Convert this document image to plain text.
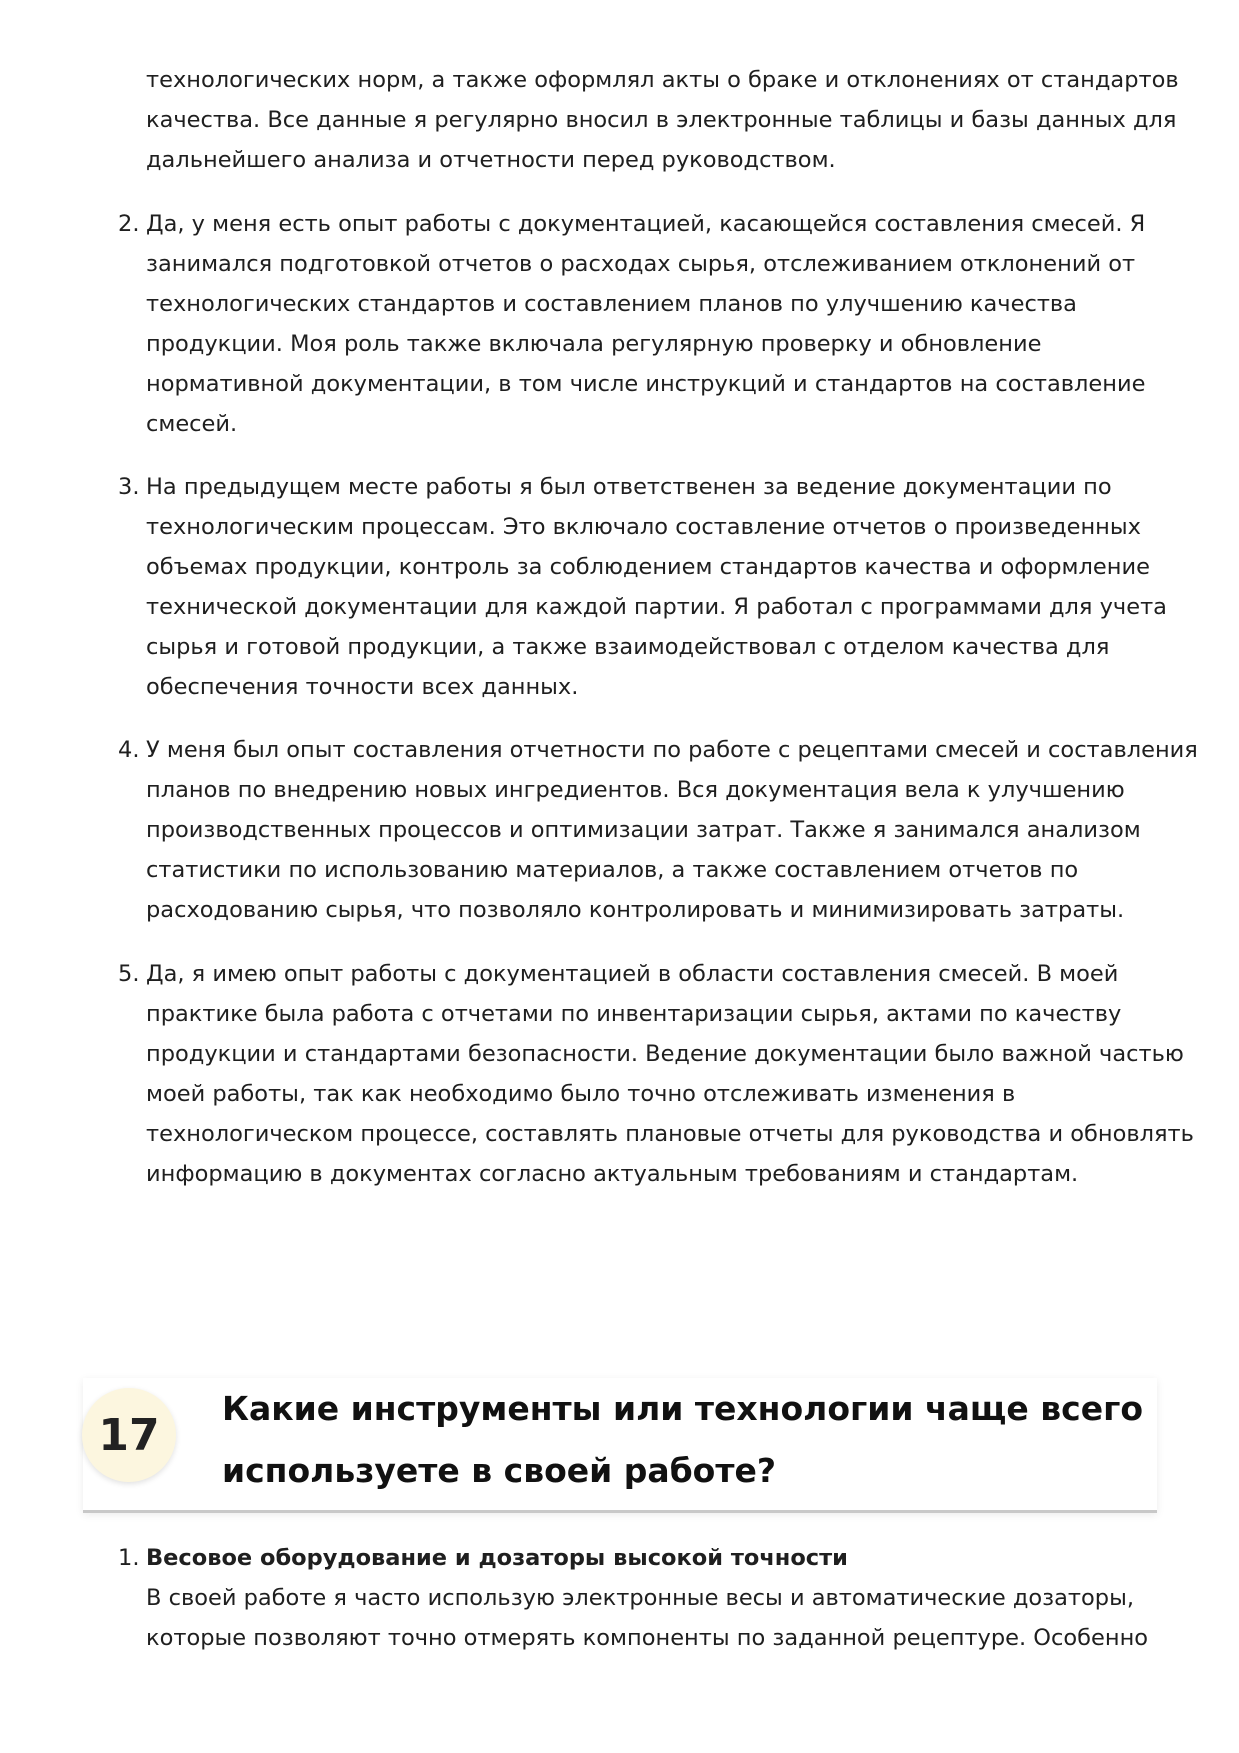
технологических норм, а также оформлял акты о браке и отклонениях от стандартов
качества. Все данные я регулярно вносил в электронные таблицы и базы данных для
дальнейшего анализа и отчетности перед руководством.
2. Да, у меня есть опыт работы с документацией, касающейся составления смесей. Я
занимался подготовкой отчетов о расходах сырья, отслеживанием отклонений от
технологических стандартов и составлением планов по улучшению качества
продукции. Моя роль также включала регулярную проверку и обновление
нормативной документации, в том числе инструкций и стандартов на составление
смесей.
3. На предыдущем месте работы я был ответственен за ведение документации по
технологическим процессам. Это включало составление отчетов о произведенных
объемах продукции, контроль за соблюдением стандартов качества и оформление
технической документации для каждой партии. Я работал с программами для учета
сырья и готовой продукции, а также взаимодействовал с отделом качества для
обеспечения точности всех данных.
4. У меня был опыт составления отчетности по работе с рецептами смесей и составления
планов по внедрению новых ингредиентов. Вся документация вела к улучшению
производственных процессов и оптимизации затрат. Также я занимался анализом
статистики по использованию материалов, а также составлением отчетов по
расходованию сырья, что позволяло контролировать и минимизировать затраты.
5. Да, я имею опыт работы с документацией в области составления смесей. В моей
практике была работа с отчетами по инвентаризации сырья, актами по качеству
продукции и стандартами безопасности. Ведение документации было важной частью
моей работы, так как необходимо было точно отслеживать изменения в
технологическом процессе, составлять плановые отчеты для руководства и обновлять
информацию в документах согласно актуальным требованиям и стандартам.
17
Какие инструменты или технологии чаще всего
используете в своей работе?
1. Весовое оборудование и дозаторы высокой точности
В своей работе я часто использую электронные весы и автоматические дозаторы,
которые позволяют точно отмерять компоненты по заданной рецептуре. Особенно
